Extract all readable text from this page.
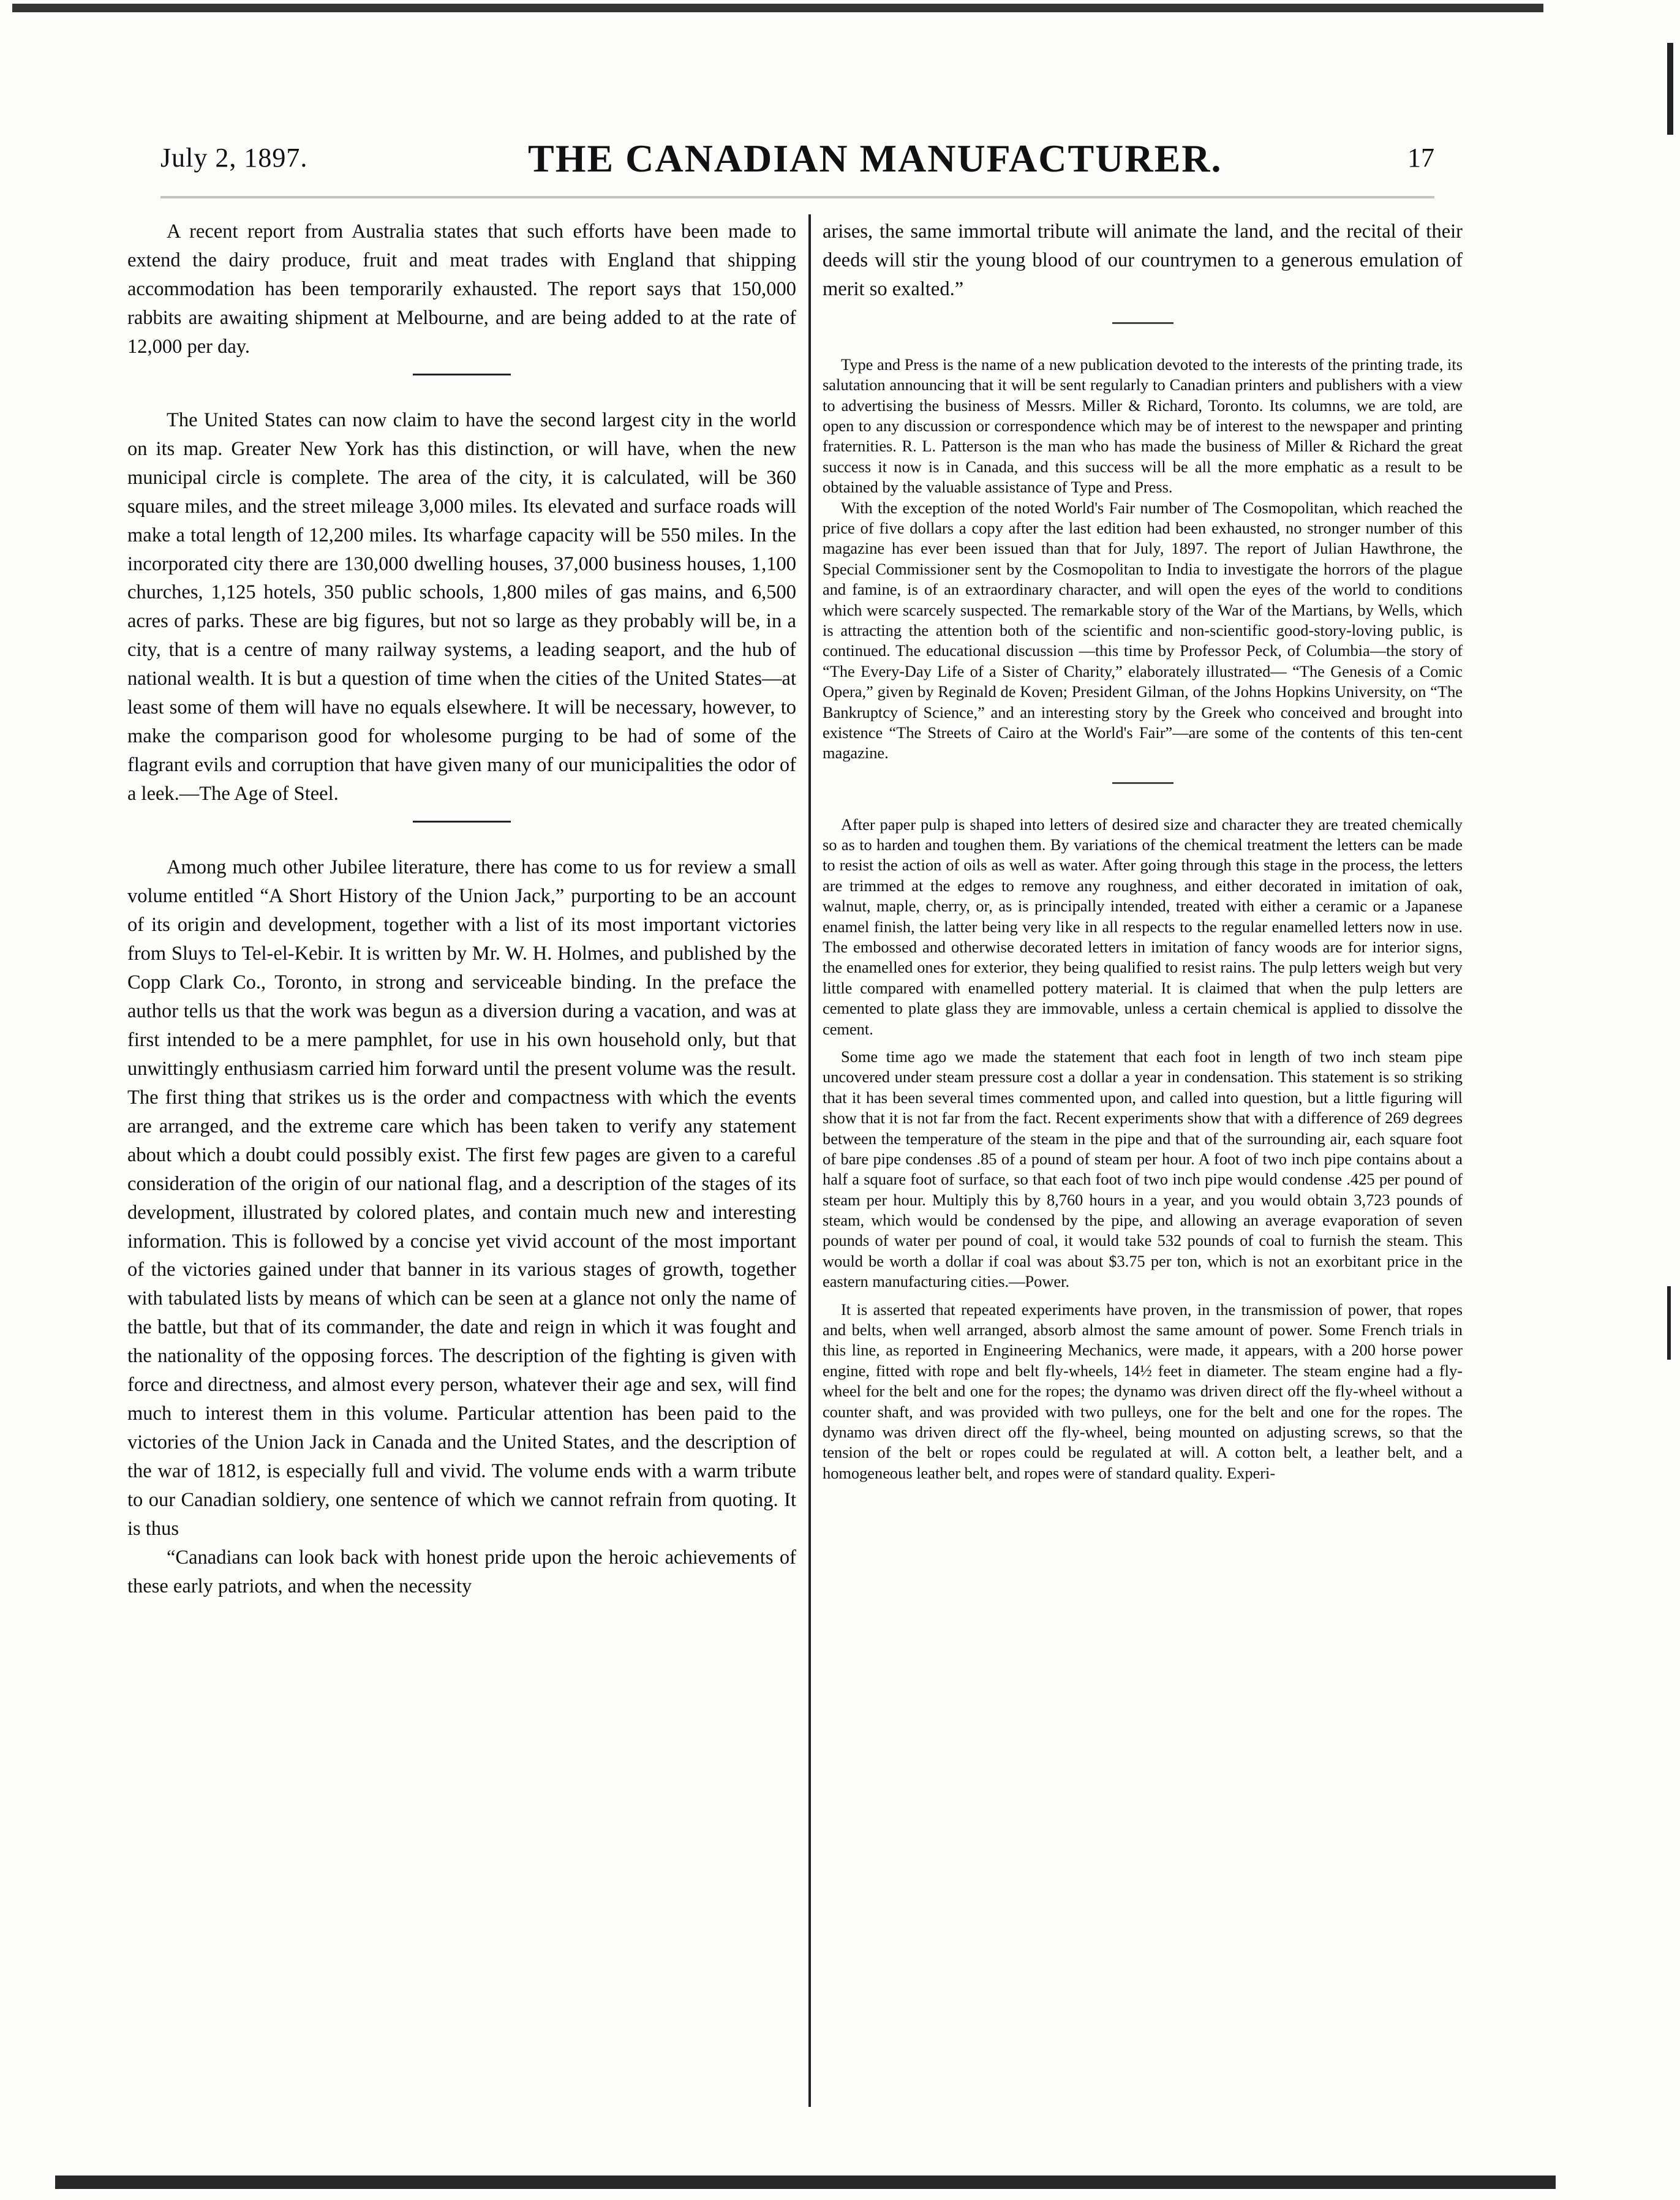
July 2, 1897.	THE CANADIAN MANUFACTURER.	17

A recent report from Australia states that such efforts have been made to extend the dairy produce, fruit and meat trades with England that shipping accommodation has been temporarily exhausted. The report says that 150,000 rabbits are awaiting shipment at Melbourne, and are being added to at the rate of 12,000 per day.

The United States can now claim to have the second largest city in the world on its map. Greater New York has this distinction, or will have, when the new municipal circle is complete. The area of the city, it is calculated, will be 360 square miles, and the street mileage 3,000 miles. Its elevated and surface roads will make a total length of 12,200 miles. Its wharfage capacity will be 550 miles. In the incorporated city there are 130,000 dwelling houses, 37,000 business houses, 1,100 churches, 1,125 hotels, 350 public schools, 1,800 miles of gas mains, and 6,500 acres of parks. These are big figures, but not so large as they probably will be, in a city, that is a centre of many railway systems, a leading seaport, and the hub of national wealth. It is but a question of time when the cities of the United States—at least some of them will have no equals elsewhere. It will be necessary, however, to make the comparison good for wholesome purging to be had of some of the flagrant evils and corruption that have given many of our municipalities the odor of a leek.—The Age of Steel.

Among much other Jubilee literature, there has come to us for review a small volume entitled “A Short History of the Union Jack,” purporting to be an account of its origin and development, together with a list of its most important victories from Sluys to Tel-el-Kebir. It is written by Mr. W. H. Holmes, and published by the Copp Clark Co., Toronto, in strong and serviceable binding. In the preface the author tells us that the work was begun as a diversion during a vacation, and was at first intended to be a mere pamphlet, for use in his own household only, but that unwittingly enthusiasm carried him forward until the present volume was the result. The first thing that strikes us is the order and compactness with which the events are arranged, and the extreme care which has been taken to verify any statement about which a doubt could possibly exist. The first few pages are given to a careful consideration of the origin of our national flag, and a description of the stages of its development, illustrated by colored plates, and contain much new and interesting information. This is followed by a concise yet vivid account of the most important of the victories gained under that banner in its various stages of growth, together with tabulated lists by means of which can be seen at a glance not only the name of the battle, but that of its commander, the date and reign in which it was fought and the nationality of the opposing forces. The description of the fighting is given with force and directness, and almost every person, whatever their age and sex, will find much to interest them in this volume. Particular attention has been paid to the victories of the Union Jack in Canada and the United States, and the description of the war of 1812, is especially full and vivid. The volume ends with a warm tribute to our Canadian soldiery, one sentence of which we cannot refrain from quoting. It is thus

“Canadians can look back with honest pride upon the heroic achievements of these early patriots, and when the necessity

arises, the same immortal tribute will animate the land, and the recital of their deeds will stir the young blood of our countrymen to a generous emulation of merit so exalted.”

Type and Press is the name of a new publication devoted to the interests of the printing trade, its salutation announcing that it will be sent regularly to Canadian printers and publishers with a view to advertising the business of Messrs. Miller & Richard, Toronto. Its columns, we are told, are open to any discussion or correspondence which may be of interest to the newspaper and printing fraternities. R. L. Patterson is the man who has made the business of Miller & Richard the great success it now is in Canada, and this success will be all the more emphatic as a result to be obtained by the valuable assistance of Type and Press.

With the exception of the noted World's Fair number of The Cosmopolitan, which reached the price of five dollars a copy after the last edition had been exhausted, no stronger number of this magazine has ever been issued than that for July, 1897. The report of Julian Hawthrone, the Special Commissioner sent by the Cosmopolitan to India to investigate the horrors of the plague and famine, is of an extraordinary character, and will open the eyes of the world to conditions which were scarcely suspected. The remarkable story of the War of the Martians, by Wells, which is attracting the attention both of the scientific and non-scientific good-story-loving public, is continued. The educational discussion —this time by Professor Peck, of Columbia—the story of “The Every-Day Life of a Sister of Charity,” elaborately illustrated— “The Genesis of a Comic Opera,” given by Reginald de Koven; President Gilman, of the Johns Hopkins University, on “The Bankruptcy of Science,” and an interesting story by the Greek who conceived and brought into existence “The Streets of Cairo at the World's Fair”—are some of the contents of this ten-cent magazine.

After paper pulp is shaped into letters of desired size and character they are treated chemically so as to harden and toughen them. By variations of the chemical treatment the letters can be made to resist the action of oils as well as water. After going through this stage in the process, the letters are trimmed at the edges to remove any roughness, and either decorated in imitation of oak, walnut, maple, cherry, or, as is principally intended, treated with either a ceramic or a Japanese enamel finish, the latter being very like in all respects to the regular enamelled letters now in use. The embossed and otherwise decorated letters in imitation of fancy woods are for interior signs, the enamelled ones for exterior, they being qualified to resist rains. The pulp letters weigh but very little compared with enamelled pottery material. It is claimed that when the pulp letters are cemented to plate glass they are immovable, unless a certain chemical is applied to dissolve the cement.

Some time ago we made the statement that each foot in length of two inch steam pipe uncovered under steam pressure cost a dollar a year in condensation. This statement is so striking that it has been several times commented upon, and called into question, but a little figuring will show that it is not far from the fact. Recent experiments show that with a difference of 269 degrees between the temperature of the steam in the pipe and that of the surrounding air, each square foot of bare pipe condenses .85 of a pound of steam per hour. A foot of two inch pipe contains about a half a square foot of surface, so that each foot of two inch pipe would condense .425 per pound of steam per hour. Multiply this by 8,760 hours in a year, and you would obtain 3,723 pounds of steam, which would be condensed by the pipe, and allowing an average evaporation of seven pounds of water per pound of coal, it would take 532 pounds of coal to furnish the steam. This would be worth a dollar if coal was about $3.75 per ton, which is not an exorbitant price in the eastern manufacturing cities.—Power.

It is asserted that repeated experiments have proven, in the transmission of power, that ropes and belts, when well arranged, absorb almost the same amount of power. Some French trials in this line, as reported in Engineering Mechanics, were made, it appears, with a 200 horse power engine, fitted with rope and belt fly-wheels, 14½ feet in diameter. The steam engine had a fly-wheel for the belt and one for the ropes; the dynamo was driven direct off the fly-wheel without a counter shaft, and was provided with two pulleys, one for the belt and one for the ropes. The dynamo was driven direct off the fly-wheel, being mounted on adjusting screws, so that the tension of the belt or ropes could be regulated at will. A cotton belt, a leather belt, and a homogeneous leather belt, and ropes were of standard quality. Experi-
